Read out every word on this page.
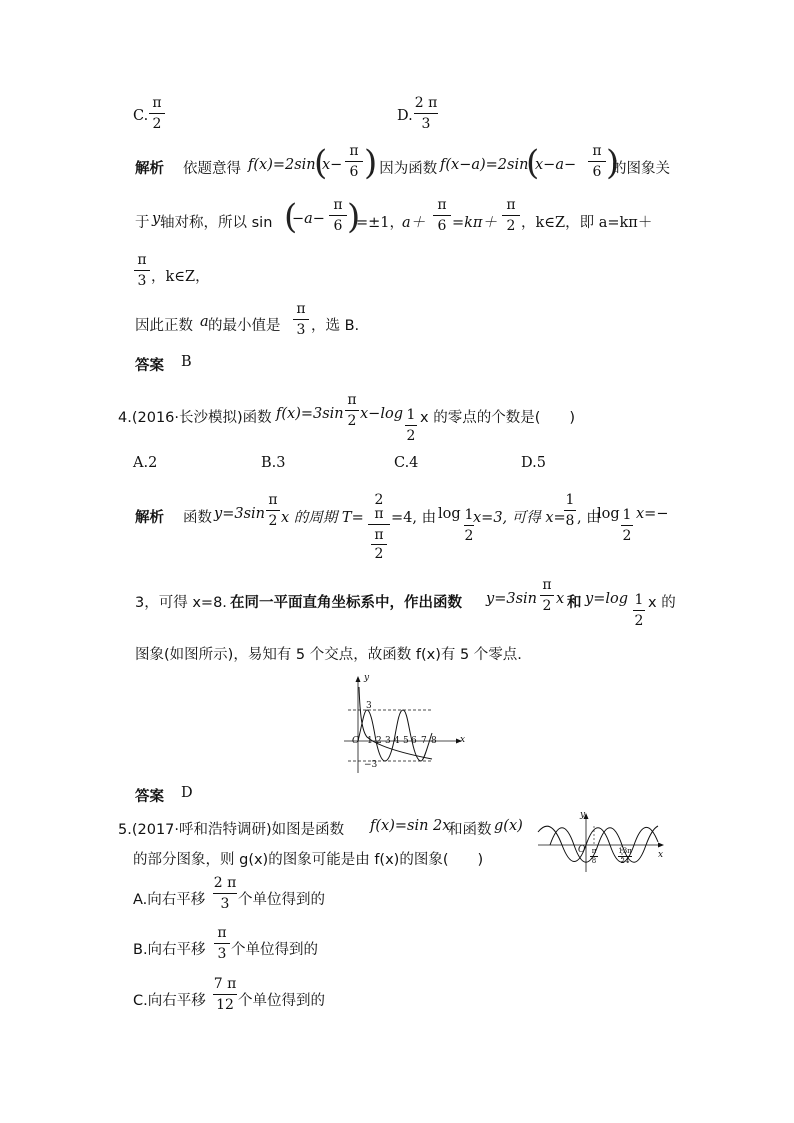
C.
π
2	D.
2 π
3
解析 依题意得 f(x)=2sin
(
x−
π
6 )
, 因为函数 f(x−a)=2sin
(
x−a−
π
6 )
的图象关
于 y 轴对称，所以 sin (
−a−
π
6 )
=±1，
a＋
π
6 =kπ＋
π
2 ，k∈Z，即 a=kπ＋
π
3 ，k∈Z，
因此正数 a 的最小值是
π
3 ，选 B.
答案 B
4.(2016·长沙模拟)函数 f(x)=3sin
π
2 x−log 1
2
x 的零点的个数是(　　)
A.2	B.3	C.4	D.5
解析 函数 y=3sin
π
2 x 的周期 T=
2 π
π
2
=4, 由 log 1
2
x=3, 可得 x=
1
8 , 由
log 1
2
x=−
3，可得 x=8. 在同一平面直角坐标系中，作出函数 y=3sin
π
2 x 和 y=log 1
2
x 的
图象(如图所示)，易知有 5 个交点，故函数 f(x)有 5 个零点.
y
x
O
3
−3
1 2 3 4 5 6 7 8
答案 D
5.(2017·呼和浩特调研)如图是函数 f(x)=sin 2x
和函数 g(x)
的部分图象，则 g(x)的图象可能是由 f(x)的图象(　　)
y
x
O π
8
13π
24
A.向右平移
2 π
3 个单位得到的
B.向右平移
π
3 个单位得到的
C.向右平移
7 π
12 个单位得到的
